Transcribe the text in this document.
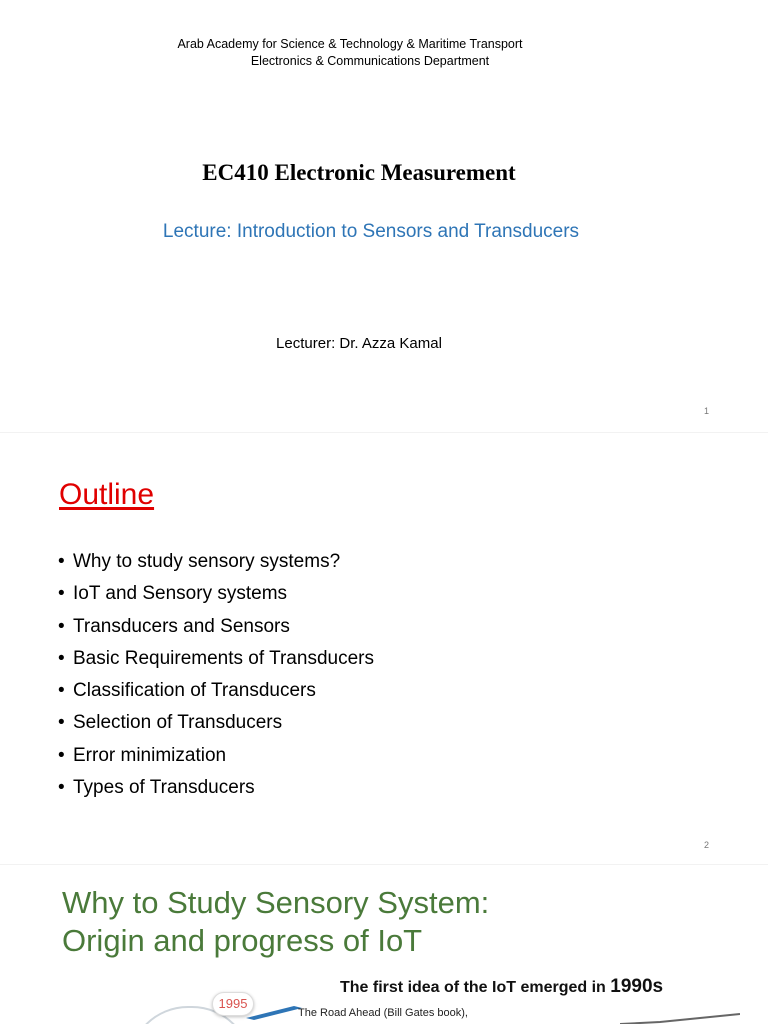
Arab Academy for Science & Technology & Maritime Transport
Electronics & Communications Department
EC410 Electronic Measurement
Lecture: Introduction to Sensors and Transducers
Lecturer: Dr. Azza Kamal
1
Outline
• Why to study sensory systems?
• IoT and Sensory systems
• Transducers and Sensors
• Basic Requirements of Transducers
• Classification of Transducers
• Selection of Transducers
• Error minimization
• Types of Transducers
2
Why to Study Sensory System:
Origin and progress of IoT
The first idea of the IoT emerged in 1990s
1995
The Road Ahead (Bill Gates book),
